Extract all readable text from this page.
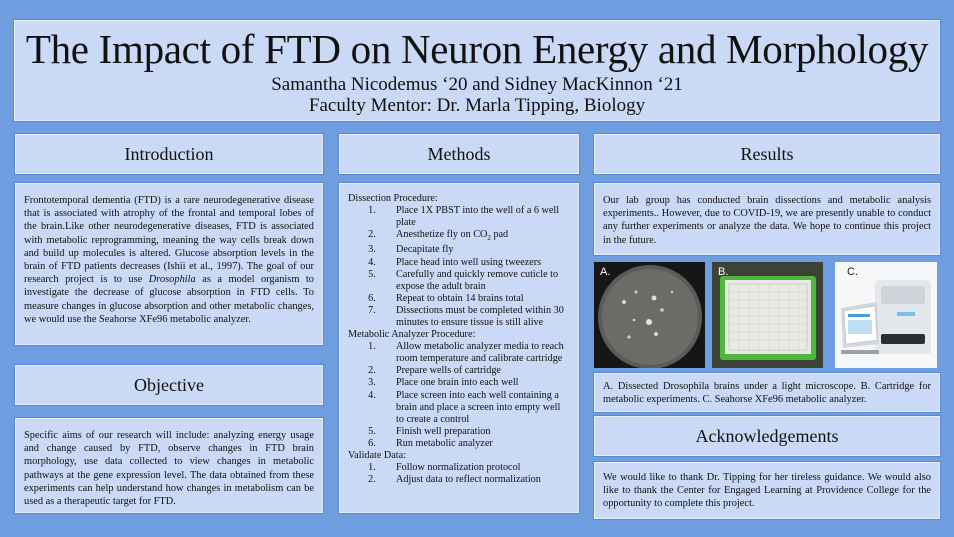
The Impact of FTD on Neuron Energy and Morphology
Samantha Nicodemus ‘20 and Sidney MacKinnon ‘21
Faculty Mentor: Dr. Marla Tipping, Biology
Introduction
Frontotemporal dementia (FTD) is a rare neurodegenerative disease that is associated with atrophy of the frontal and temporal lobes of the brain.Like other neurodegenerative diseases, FTD is associated with metabolic reprogramming, meaning the way cells break down and build up molecules is altered. Glucose absorption levels in the brain of FTD patients decreases (Ishii et al., 1997). The goal of our research project is to use Drosophila as a model organism to investigate the decrease of glucose absorption in FTD cells. To measure changes in glucose absorption and other metabolic changes, we would use the Seahorse XFe96 metabolic analyzer.
Objective
Specific aims of our research will include: analyzing energy usage and change caused by FTD, observe changes in FTD brain morphology, use data collected to view changes in metabolic pathways at the gene expression level. The data obtained from these experiments can help understand how changes in metabolism can be used as a therapeutic target for FTD.
Methods
Dissection Procedure:
1.	Place 1X PBST into the well of a 6 well plate
2.	Anesthetize fly on $CO_2$ pad
3.	Decapitate fly
4.	Place head into well using tweezers
5.	Carefully and quickly remove cuticle to expose the adult brain
6.	Repeat to obtain 14 brains total
7.	Dissections must be completed within 30 minutes to ensure tissue is still alive
Metabolic Analyzer Procedure:
1.	Allow metabolic analyzer media to reach room temperature and calibrate cartridge
2.	Prepare wells of cartridge
3.	Place one brain into each well
4.	Place screen into each well containing a brain and place a screen into empty well to create a control
5.	Finish well preparation
6.	Run metabolic analyzer
Validate Data:
1.	Follow normalization protocol
2.	Adjust data to reflect normalization
Results
Our lab group has conducted brain dissections and metabolic analysis experiments.. However, due to COVID-19, we are presently unable to conduct any further experiments or analyze the data. We hope to continue this project in the future.
A.	B.	C.
A. Dissected Drosophila brains under a light microscope. B. Cartridge for metabolic experiments. C. Seahorse XFe96 metabolic analyzer.
Acknowledgements
We would like to thank Dr. Tipping for her tireless guidance. We would also like to thank the Center for Engaged Learning at Providence College for the opportunity to complete this project.
